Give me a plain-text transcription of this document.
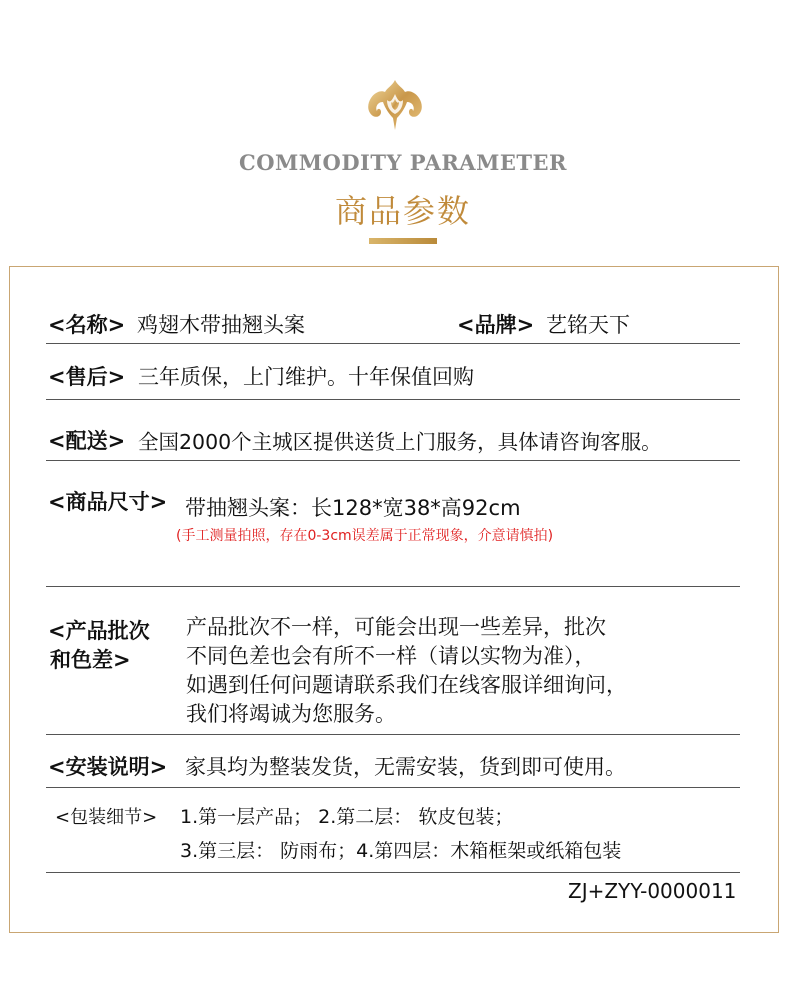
COMMODITY PARAMETER
商品参数
<名称> 鸡翅木带抽翘头案	<品牌> 艺铭天下
<售后> 三年质保，上门维护。十年保值回购
<配送> 全国2000个主城区提供送货上门服务，具体请咨询客服。
<商品尺寸> 带抽翘头案：长128*宽38*高92cm
(手工测量拍照，存在0-3cm误差属于正常现象，介意请慎拍)
<产品批次
和色差>
产品批次不一样，可能会出现一些差异，批次
不同色差也会有所不一样（请以实物为准），
如遇到任何问题请联系我们在线客服详细询问，
我们将竭诚为您服务。
<安装说明> 家具均为整装发货，无需安装，货到即可使用。
<包装细节> 1.第一层产品； 2.第二层： 软皮包装；
3.第三层： 防雨布；4.第四层：木箱框架或纸箱包装
ZJ+ZYY-0000011
